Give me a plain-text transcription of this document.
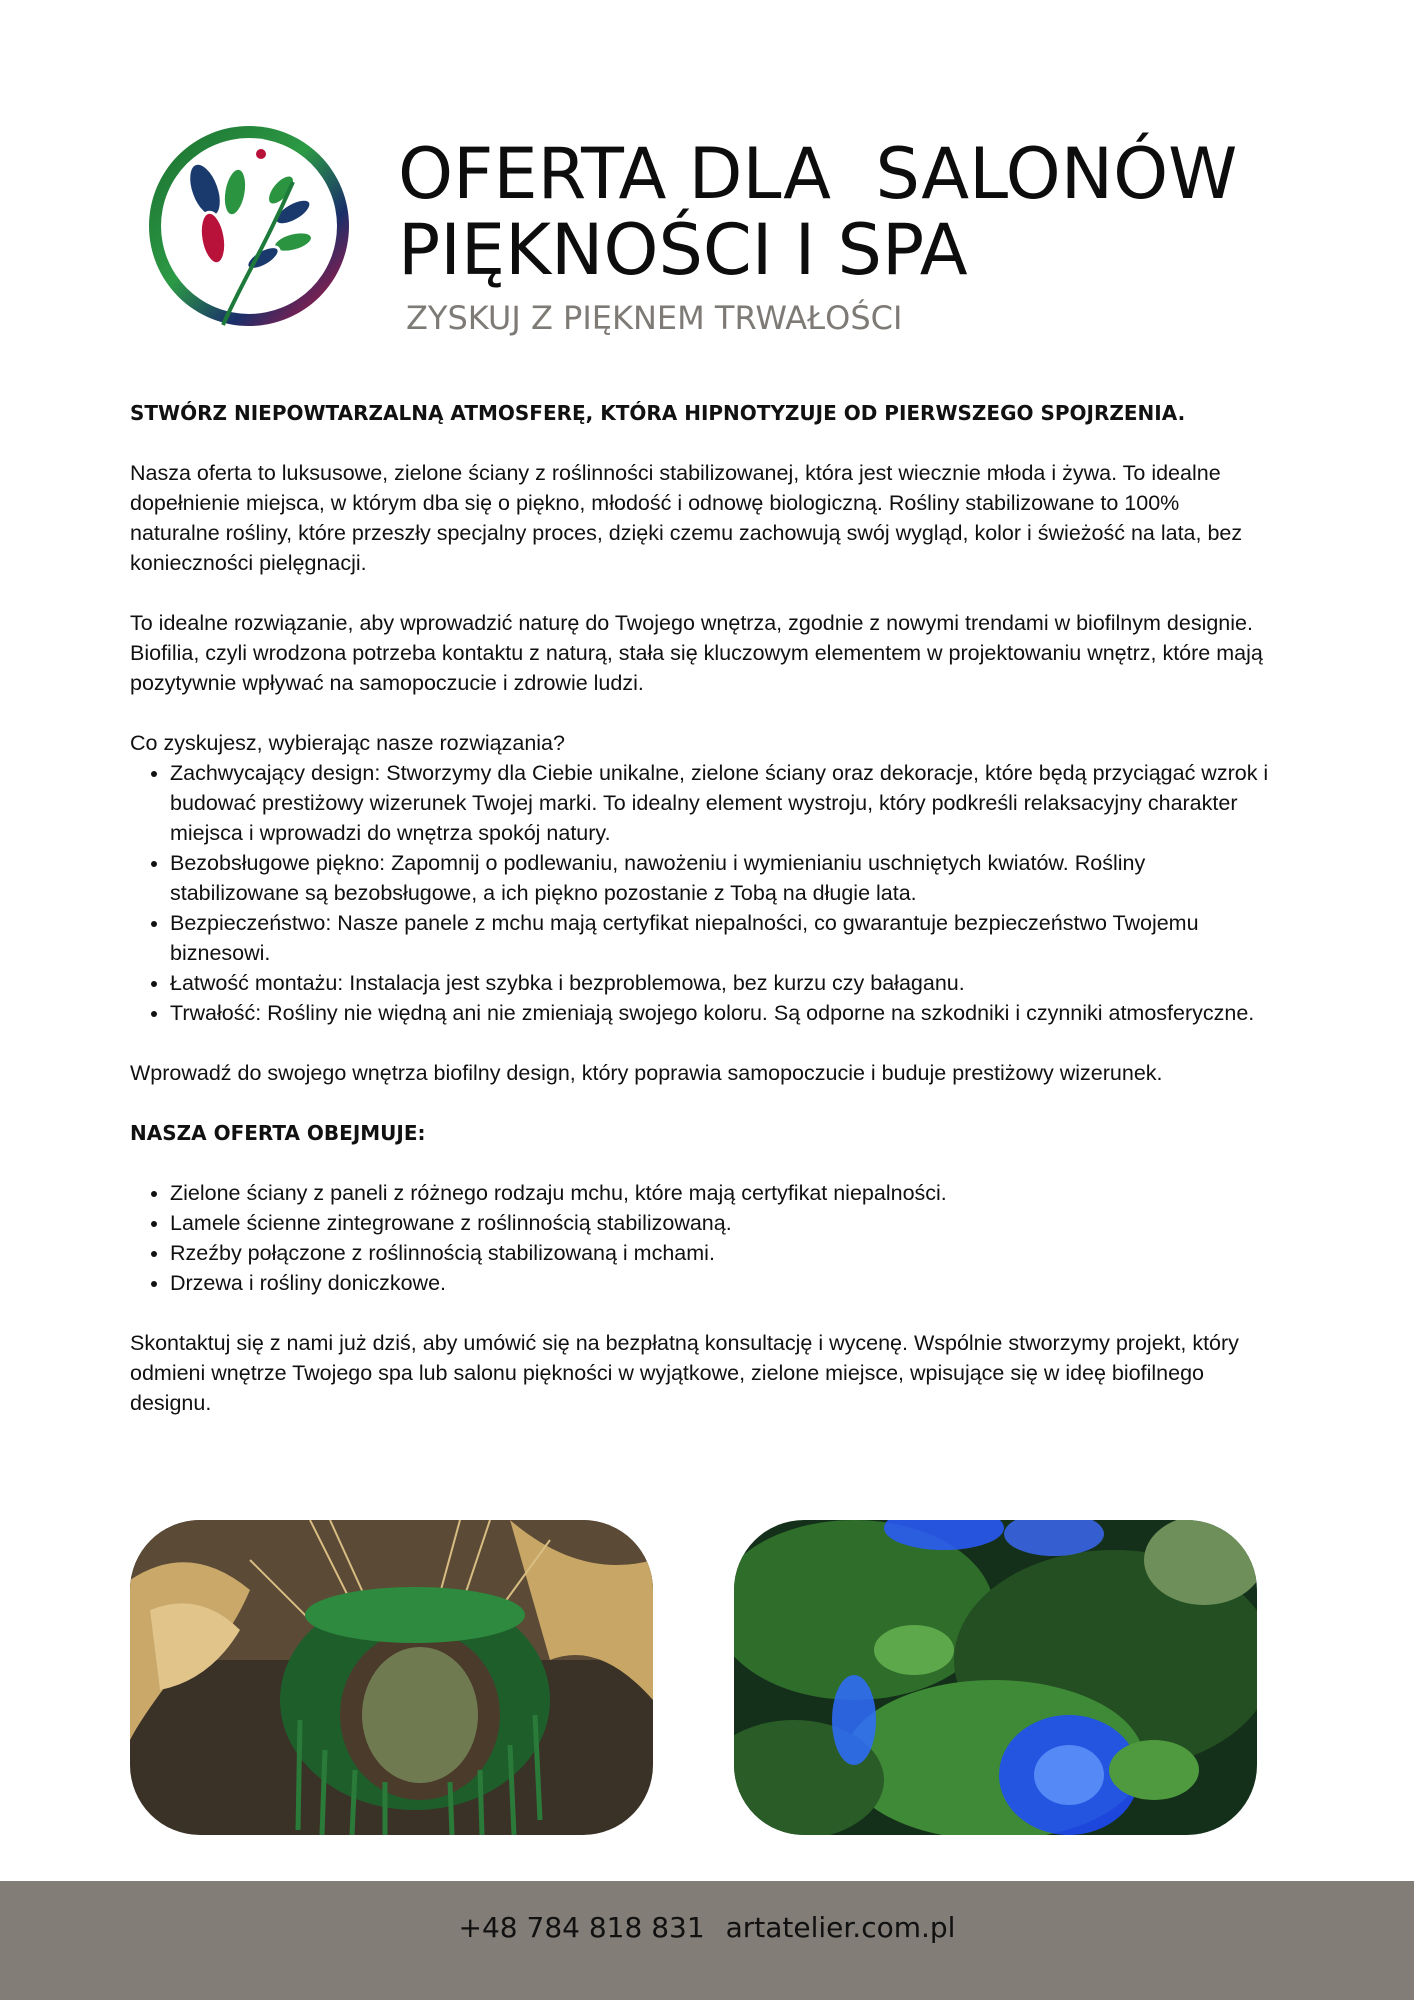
OFERTA DLA  SALONÓW
PIĘKNOŚCI I SPA
ZYSKUJ Z PIĘKNEM TRWAŁOŚCI

STWÓRZ NIEPOWTARZALNĄ ATMOSFERĘ, KTÓRA HIPNOTYZUJE OD PIERWSZEGO SPOJRZENIA.

Nasza oferta to luksusowe, zielone ściany z roślinności stabilizowanej, która jest wiecznie młoda i żywa. To idealne dopełnienie miejsca, w którym dba się o piękno, młodość i odnowę biologiczną. Rośliny stabilizowane to 100% naturalne rośliny, które przeszły specjalny proces, dzięki czemu zachowują swój wygląd, kolor i świeżość na lata, bez konieczności pielęgnacji.

To idealne rozwiązanie, aby wprowadzić naturę do Twojego wnętrza, zgodnie z nowymi trendami w biofilnym designie. Biofilia, czyli wrodzona potrzeba kontaktu z naturą, stała się kluczowym elementem w projektowaniu wnętrz, które mają pozytywnie wpływać na samopoczucie i zdrowie ludzi.

Co zyskujesz, wybierając nasze rozwiązania?

• Zachwycający design: Stworzymy dla Ciebie unikalne, zielone ściany oraz dekoracje, które będą przyciągać wzrok i budować prestiżowy wizerunek Twojej marki. To idealny element wystroju, który podkreśli relaksacyjny charakter miejsca i wprowadzi do wnętrza spokój natury.
• Bezobsługowe piękno: Zapomnij o podlewaniu, nawożeniu i wymienianiu uschniętych kwiatów. Rośliny stabilizowane są bezobsługowe, a ich piękno pozostanie z Tobą na długie lata.
• Bezpieczeństwo: Nasze panele z mchu mają certyfikat niepalności, co gwarantuje bezpieczeństwo Twojemu biznesowi.
• Łatwość montażu: Instalacja jest szybka i bezproblemowa, bez kurzu czy bałaganu.
• Trwałość: Rośliny nie więdną ani nie zmieniają swojego koloru. Są odporne na szkodniki i czynniki atmosferyczne.

Wprowadź do swojego wnętrza biofilny design, który poprawia samopoczucie i buduje prestiżowy wizerunek.

NASZA OFERTA OBEJMUJE:

• Zielone ściany z paneli z różnego rodzaju mchu, które mają certyfikat niepalności.
• Lamele ścienne zintegrowane z roślinnością stabilizowaną.
• Rzeźby połączone z roślinnością stabilizowaną i mchami.
• Drzewa i rośliny doniczkowe.

Skontaktuj się z nami już dziś, aby umówić się na bezpłatną konsultację i wycenę. Wspólnie stworzymy projekt, który odmieni wnętrze Twojego spa lub salonu piękności w wyjątkowe, zielone miejsce, wpisujące się w ideę biofilnego designu.

+48 784 818 831 artatelier.com.pl
